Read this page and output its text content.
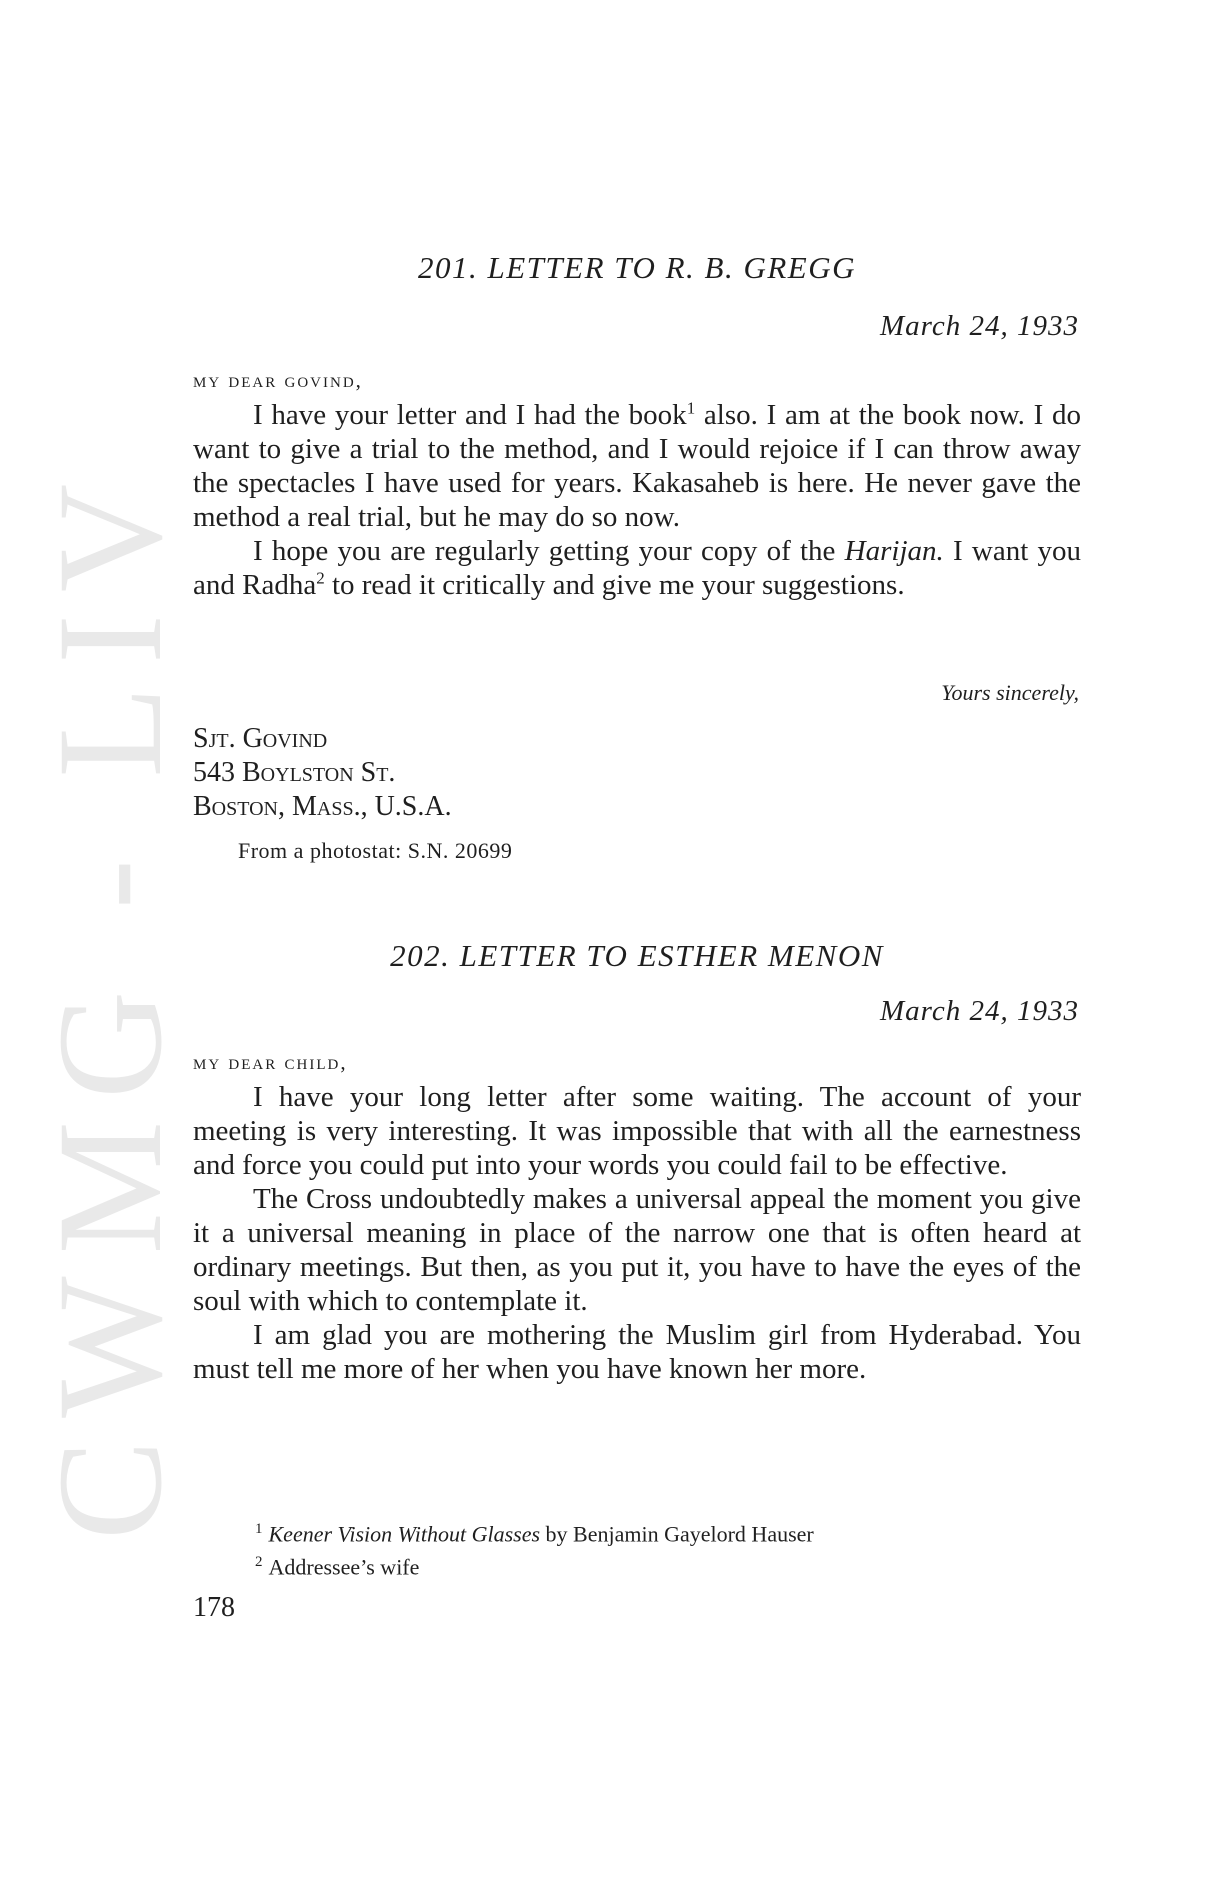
CWMG - LIV
201. LETTER TO R. B. GREGG

March 24, 1933

my dear govind,

I have your letter and I had the book$^1$ also. I am at the book now. I do want to give a trial to the method, and I would rejoice if I can throw away the spectacles I have used for years. Kakasaheb is here. He never gave the method a real trial, but he may do so now.

I hope you are regularly getting your copy of the Harijan. I want you and Radha$^2$ to read it critically and give me your suggestions.

Yours sincerely,

Sjt. Govind
543 Boylston St.
Boston, Mass., U.S.A.

From a photostat: S.N. 20699

202. LETTER TO ESTHER MENON

March 24, 1933

my dear child,

I have your long letter after some waiting. The account of your meeting is very interesting. It was impossible that with all the earnestness and force you could put into your words you could fail to be effective.

The Cross undoubtedly makes a universal appeal the moment you give it a universal meaning in place of the narrow one that is often heard at ordinary meetings. But then, as you put it, you have to have the eyes of the soul with which to contemplate it.

I am glad you are mothering the Muslim girl from Hyderabad. You must tell me more of her when you have known her more.

$^1$ Keener Vision Without Glasses by Benjamin Gayelord Hauser

$^2$ Addressee’s wife

178
